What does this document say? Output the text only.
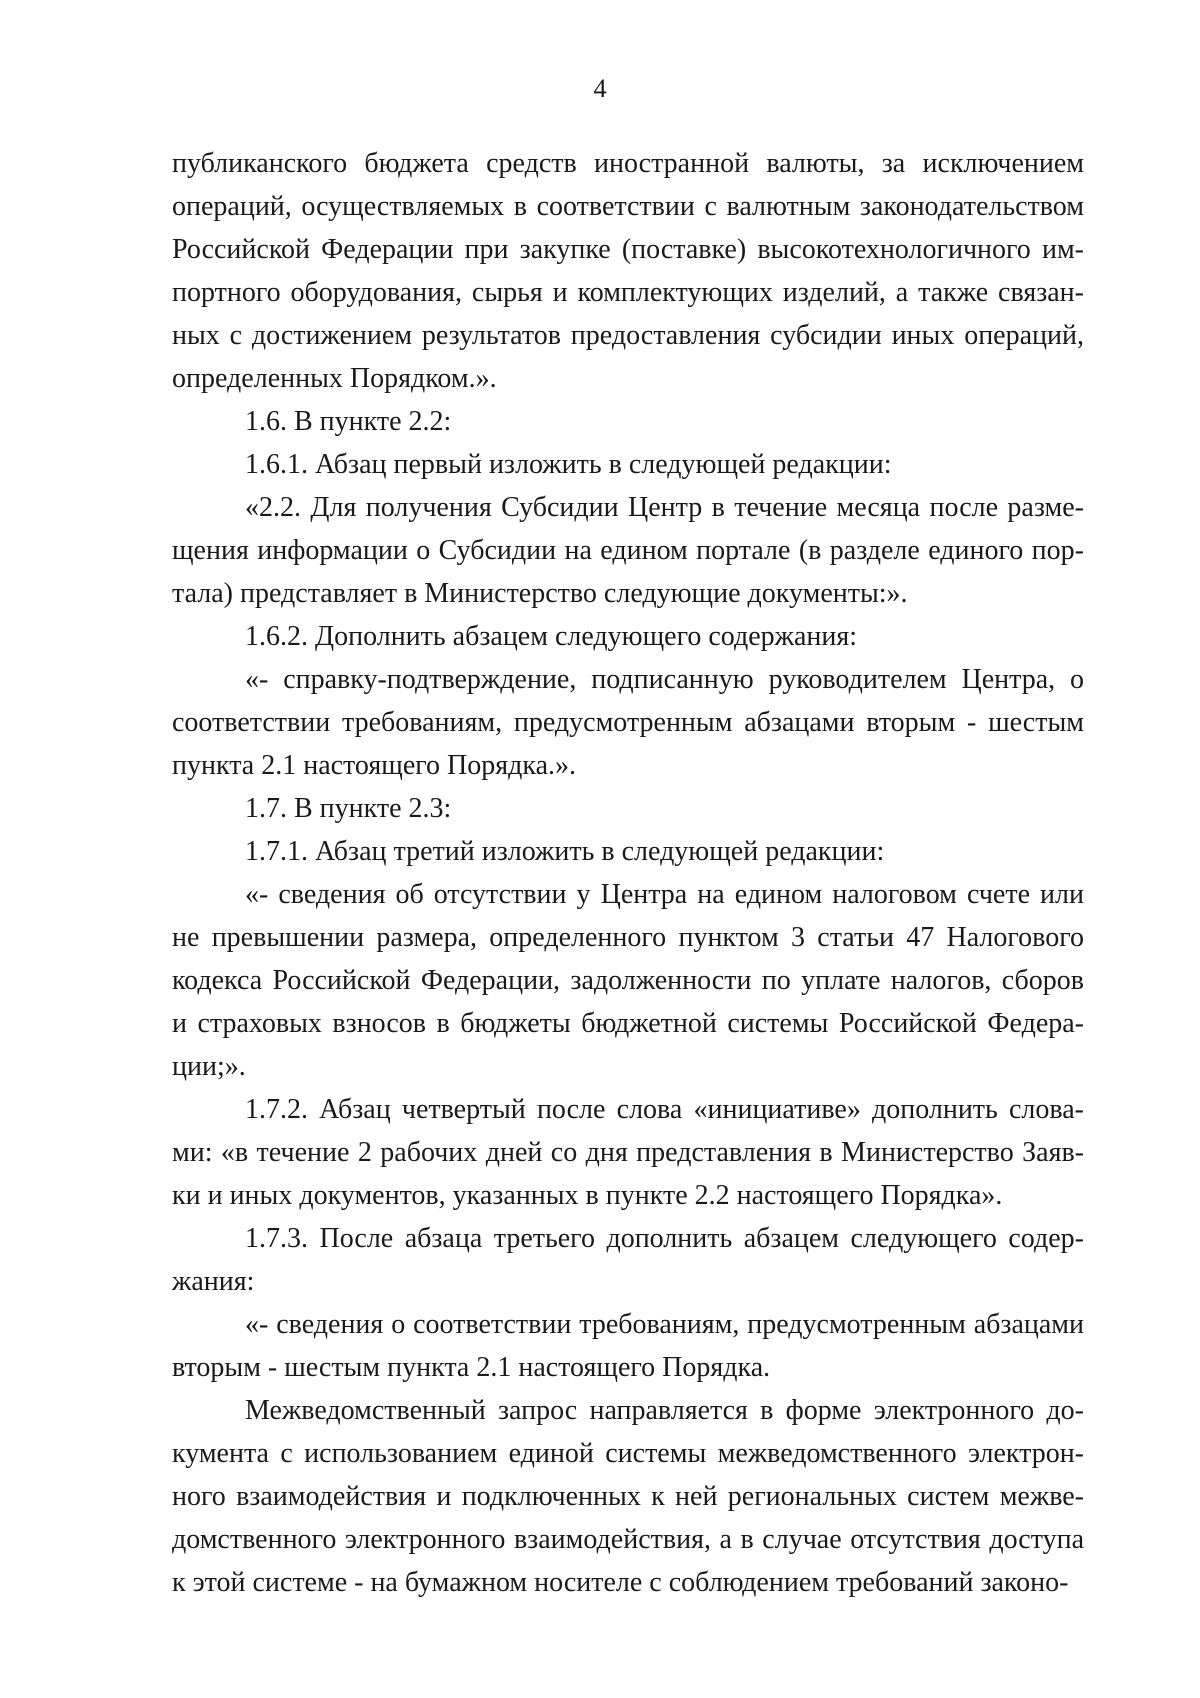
4
публиканского бюджета средств иностранной валюты, за исключением
операций, осуществляемых в соответствии с валютным законодательством
Российской Федерации при закупке (поставке) высокотехнологичного им-
портного оборудования, сырья и комплектующих изделий, а также связан-
ных с достижением результатов предоставления субсидии иных операций,
определенных Порядком.».
1.6. В пункте 2.2:
1.6.1. Абзац первый изложить в следующей редакции:
«2.2. Для получения Субсидии Центр в течение месяца после разме-
щения информации о Субсидии на едином портале (в разделе единого пор-
тала) представляет в Министерство следующие документы:».
1.6.2. Дополнить абзацем следующего содержания:
«- справку-подтверждение, подписанную руководителем Центра, о
соответствии требованиям, предусмотренным абзацами вторым - шестым
пункта 2.1 настоящего Порядка.».
1.7. В пункте 2.3:
1.7.1. Абзац третий изложить в следующей редакции:
«- сведения об отсутствии у Центра на едином налоговом счете или
не превышении размера, определенного пунктом 3 статьи 47 Налогового
кодекса Российской Федерации, задолженности по уплате налогов, сборов
и страховых взносов в бюджеты бюджетной системы Российской Федера-
ции;».
1.7.2. Абзац четвертый после слова «инициативе» дополнить слова-
ми: «в течение 2 рабочих дней со дня представления в Министерство Заяв-
ки и иных документов, указанных в пункте 2.2 настоящего Порядка».
1.7.3. После абзаца третьего дополнить абзацем следующего содер-
жания:
«- сведения о соответствии требованиям, предусмотренным абзацами
вторым - шестым пункта 2.1 настоящего Порядка.
Межведомственный запрос направляется в форме электронного до-
кумента с использованием единой системы межведомственного электрон-
ного взаимодействия и подключенных к ней региональных систем межве-
домственного электронного взаимодействия, а в случае отсутствия доступа
к этой системе - на бумажном носителе с соблюдением требований законо-
